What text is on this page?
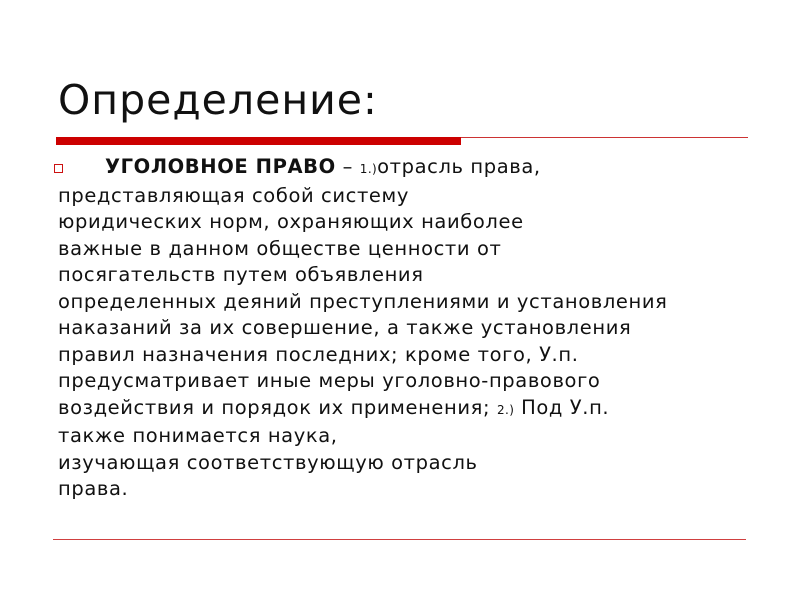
Определение:
УГОЛОВНОЕ ПРАВО – 1.)отрасль права,
представляющая собой систему
юридических норм, охраняющих наиболее
важные в данном обществе ценности от
посягательств путем объявления
определенных деяний преступлениями и установления
наказаний за их совершение, а также установления
правил назначения последних; кроме того, У.п.
предусматривает иные меры уголовно-правового
воздействия и порядок их применения; 2.) Под У.п.
также понимается наука,
изучающая соответствующую отрасль
права.
